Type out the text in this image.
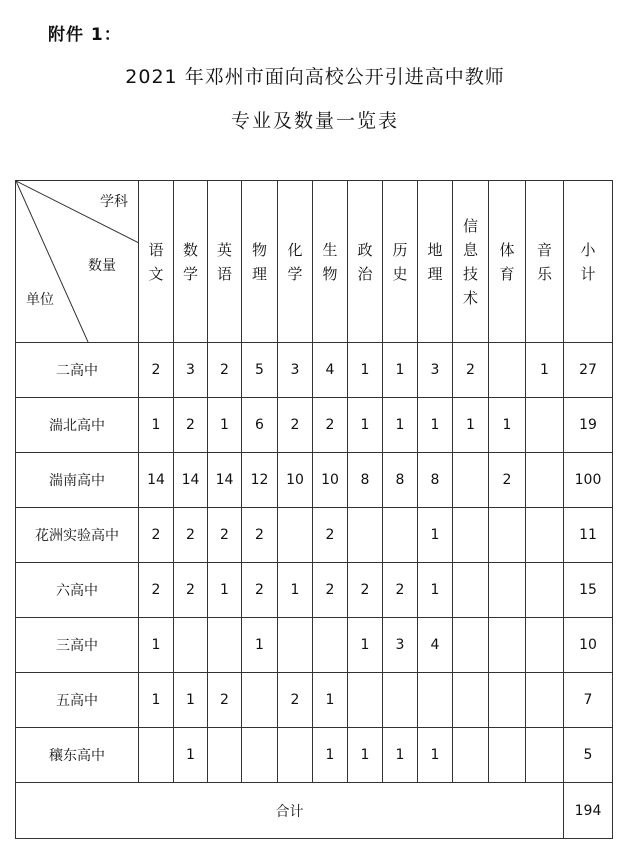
附件 1：
2021 年邓州市面向高校公开引进高中教师
专业及数量一览表
学科
数量
单位	语文	数学	英语	物理	化学	生物	政治	历史	地理	信息技术	体育	音乐	小计
二高中	2	3	2	5	3	4	1	1	3	2		1	27
湍北高中	1	2	1	6	2	2	1	1	1	1	1		19
湍南高中	14	14	14	12	10	10	8	8	8		2		100
花洲实验高中	2	2	2	2		2			1				11
六高中	2	2	1	2	1	2	2	2	1				15
三高中	1			1			1	3	4				10
五高中	1	1	2		2	1							7
穰东高中		1				1	1	1	1				5
合计													194
